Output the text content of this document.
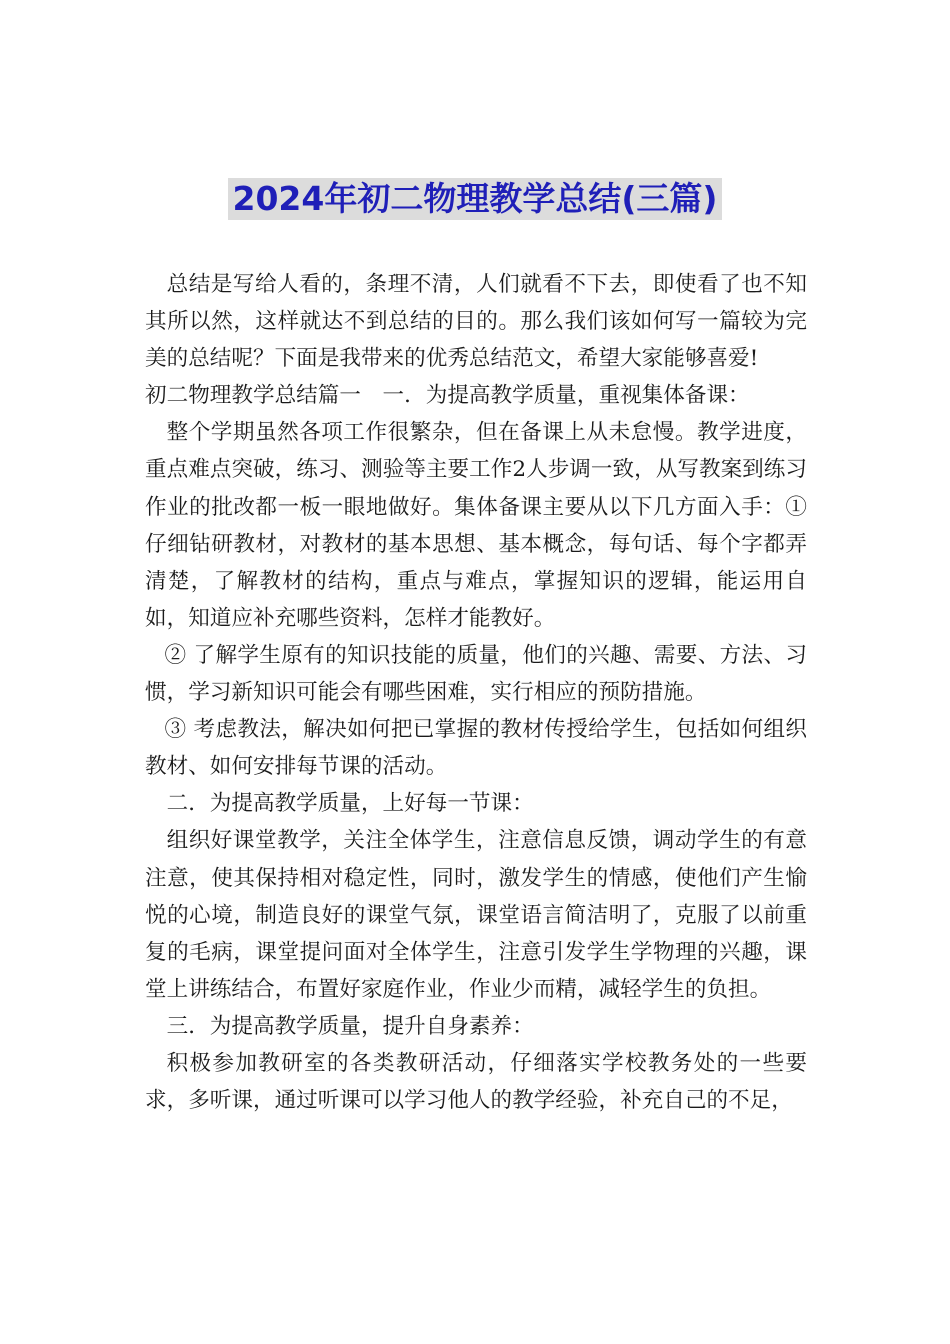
2024年初二物理教学总结(三篇)

总结是写给人看的，条理不清，人们就看不下去，即使看了也不知其所以然，这样就达不到总结的目的。那么我们该如何写一篇较为完美的总结呢？下面是我带来的优秀总结范文，希望大家能够喜爱!

初二物理教学总结篇一　一．为提高教学质量，重视集体备课：

整个学期虽然各项工作很繁杂，但在备课上从未怠慢。教学进度，重点难点突破，练习、测验等主要工作2人步调一致，从写教案到练习作业的批改都一板一眼地做好。集体备课主要从以下几方面入手：①仔细钻研教材，对教材的基本思想、基本概念，每句话、每个字都弄清楚，了解教材的结构，重点与难点，掌握知识的逻辑，能运用自如，知道应补充哪些资料，怎样才能教好。

② 了解学生原有的知识技能的质量，他们的兴趣、需要、方法、习惯，学习新知识可能会有哪些困难，实行相应的预防措施。

③ 考虑教法，解决如何把已掌握的教材传授给学生，包括如何组织教材、如何安排每节课的活动。

二．为提高教学质量，上好每一节课：

组织好课堂教学，关注全体学生，注意信息反馈，调动学生的有意注意，使其保持相对稳定性，同时，激发学生的情感，使他们产生愉悦的心境，制造良好的课堂气氛，课堂语言简洁明了，克服了以前重复的毛病，课堂提问面对全体学生，注意引发学生学物理的兴趣，课堂上讲练结合，布置好家庭作业，作业少而精，减轻学生的负担。

三．为提高教学质量，提升自身素养：

积极参加教研室的各类教研活动，仔细落实学校教务处的一些要求，多听课，通过听课可以学习他人的教学经验，补充自己的不足，
